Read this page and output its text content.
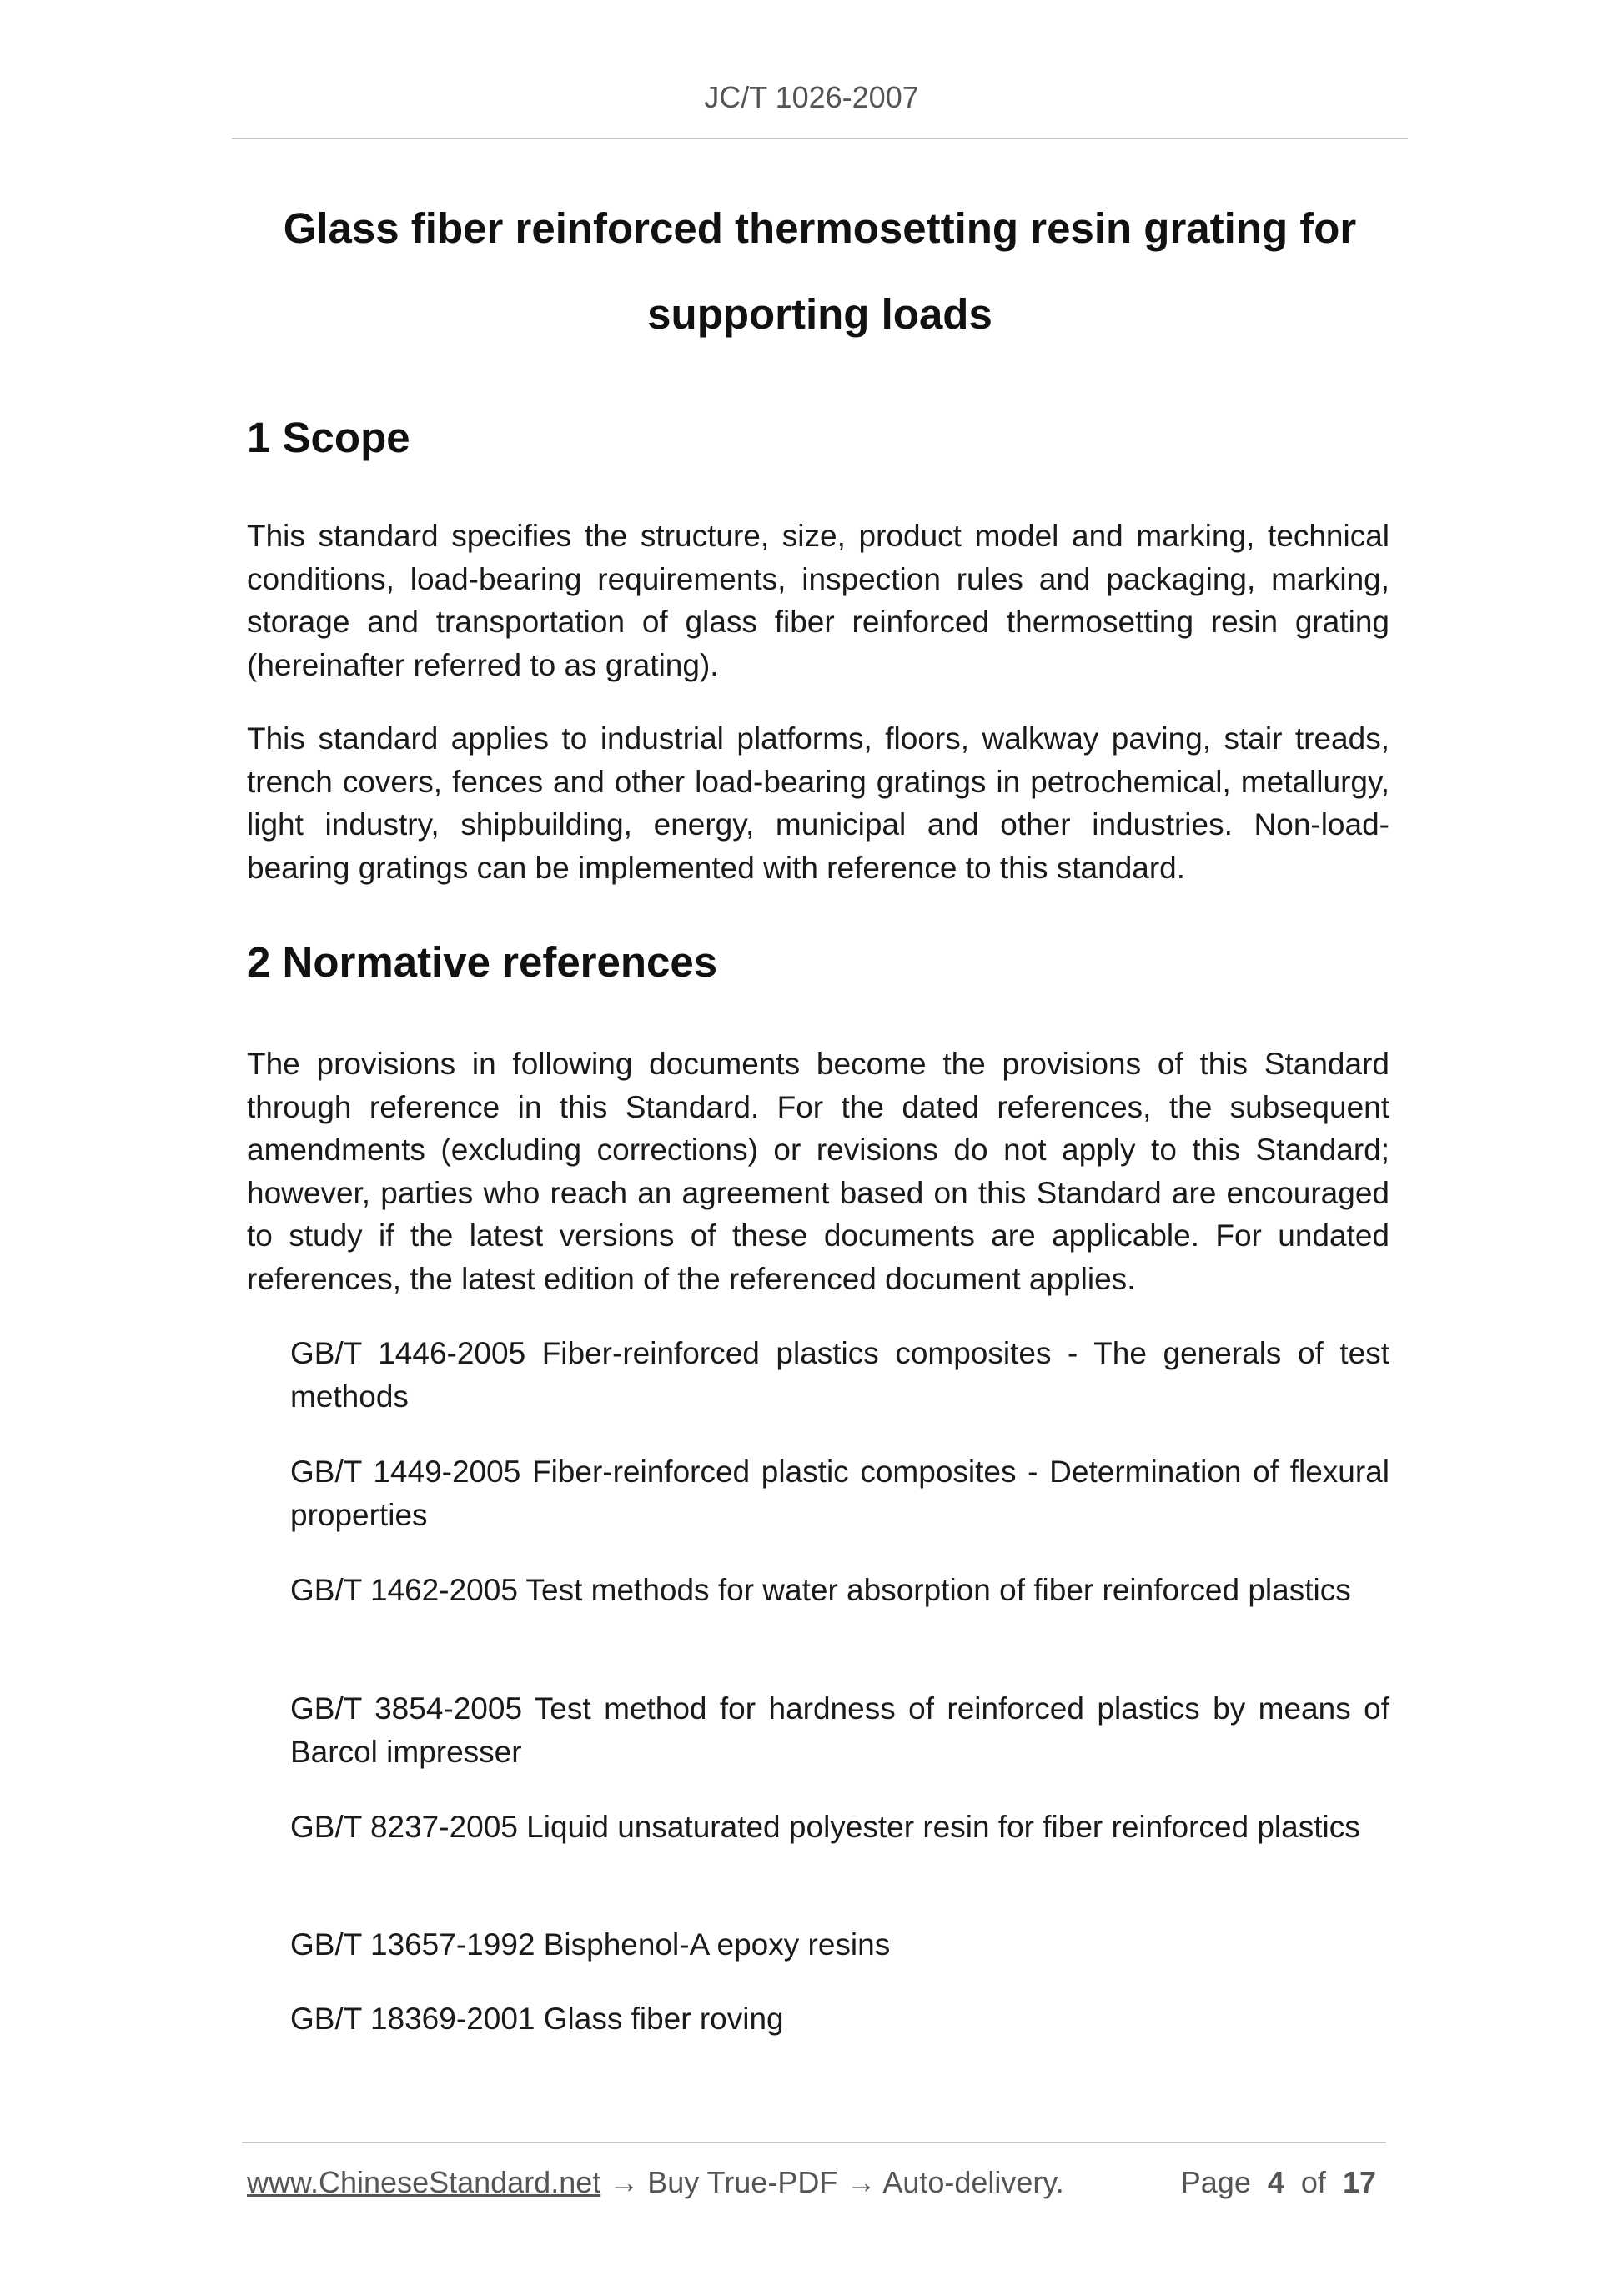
JC/T 1026-2007
Glass fiber reinforced thermosetting resin grating for
supporting loads
1 Scope

This standard specifies the structure, size, product model and marking, technical conditions, load-bearing requirements, inspection rules and packaging, marking, storage and transportation of glass fiber reinforced thermosetting resin grating (hereinafter referred to as grating).

This standard applies to industrial platforms, floors, walkway paving, stair treads, trench covers, fences and other load-bearing gratings in petrochemical, metallurgy, light industry, shipbuilding, energy, municipal and other industries. Non-load-bearing gratings can be implemented with reference to this standard.

2 Normative references

The provisions in following documents become the provisions of this Standard through reference in this Standard. For the dated references, the subsequent amendments (excluding corrections) or revisions do not apply to this Standard; however, parties who reach an agreement based on this Standard are encouraged to study if the latest versions of these documents are applicable. For undated references, the latest edition of the referenced document applies.

GB/T 1446-2005 Fiber-reinforced plastics composites - The generals of test methods

GB/T 1449-2005 Fiber-reinforced plastic composites - Determination of flexural properties

GB/T 1462-2005 Test methods for water absorption of fiber reinforced plastics

GB/T 3854-2005 Test method for hardness of reinforced plastics by means of Barcol impresser

GB/T 8237-2005 Liquid unsaturated polyester resin for fiber reinforced plastics

GB/T 13657-1992 Bisphenol-A epoxy resins

GB/T 18369-2001 Glass fiber roving

www.ChineseStandard.net → Buy True-PDF → Auto-delivery.	Page 4 of 17
